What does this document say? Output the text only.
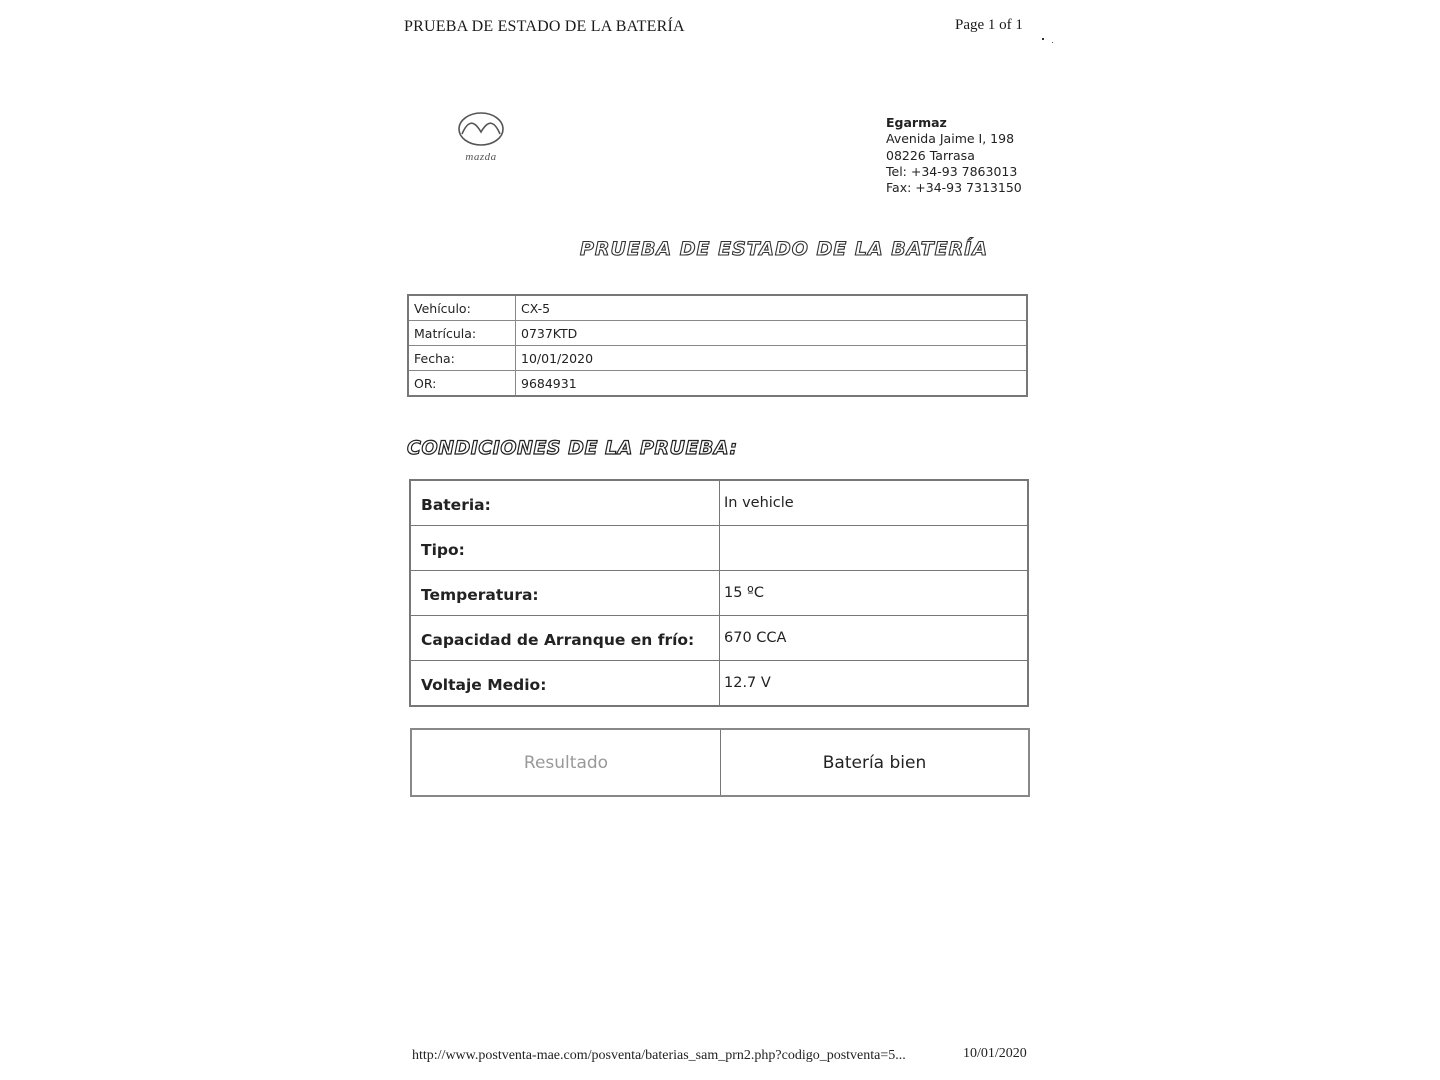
PRUEBA DE ESTADO DE LA BATERÍA	Page 1 of 1
mazda
Egarmaz
Avenida Jaime I, 198
08226 Tarrasa
Tel: +34-93 7863013
Fax: +34-93 7313150
PRUEBA DE ESTADO DE LA BATERÍA
Vehículo:	CX-5
Matrícula:	0737KTD
Fecha:	10/01/2020
OR:	9684931
CONDICIONES DE LA PRUEBA:
Bateria:	In vehicle
Tipo:	
Temperatura:	15 ºC
Capacidad de Arranque en frío:	670 CCA
Voltaje Medio:	12.7 V
Resultado	Batería bien
http://www.postventa-mae.com/posventa/baterias_sam_prn2.php?codigo_postventa=5...	10/01/2020
